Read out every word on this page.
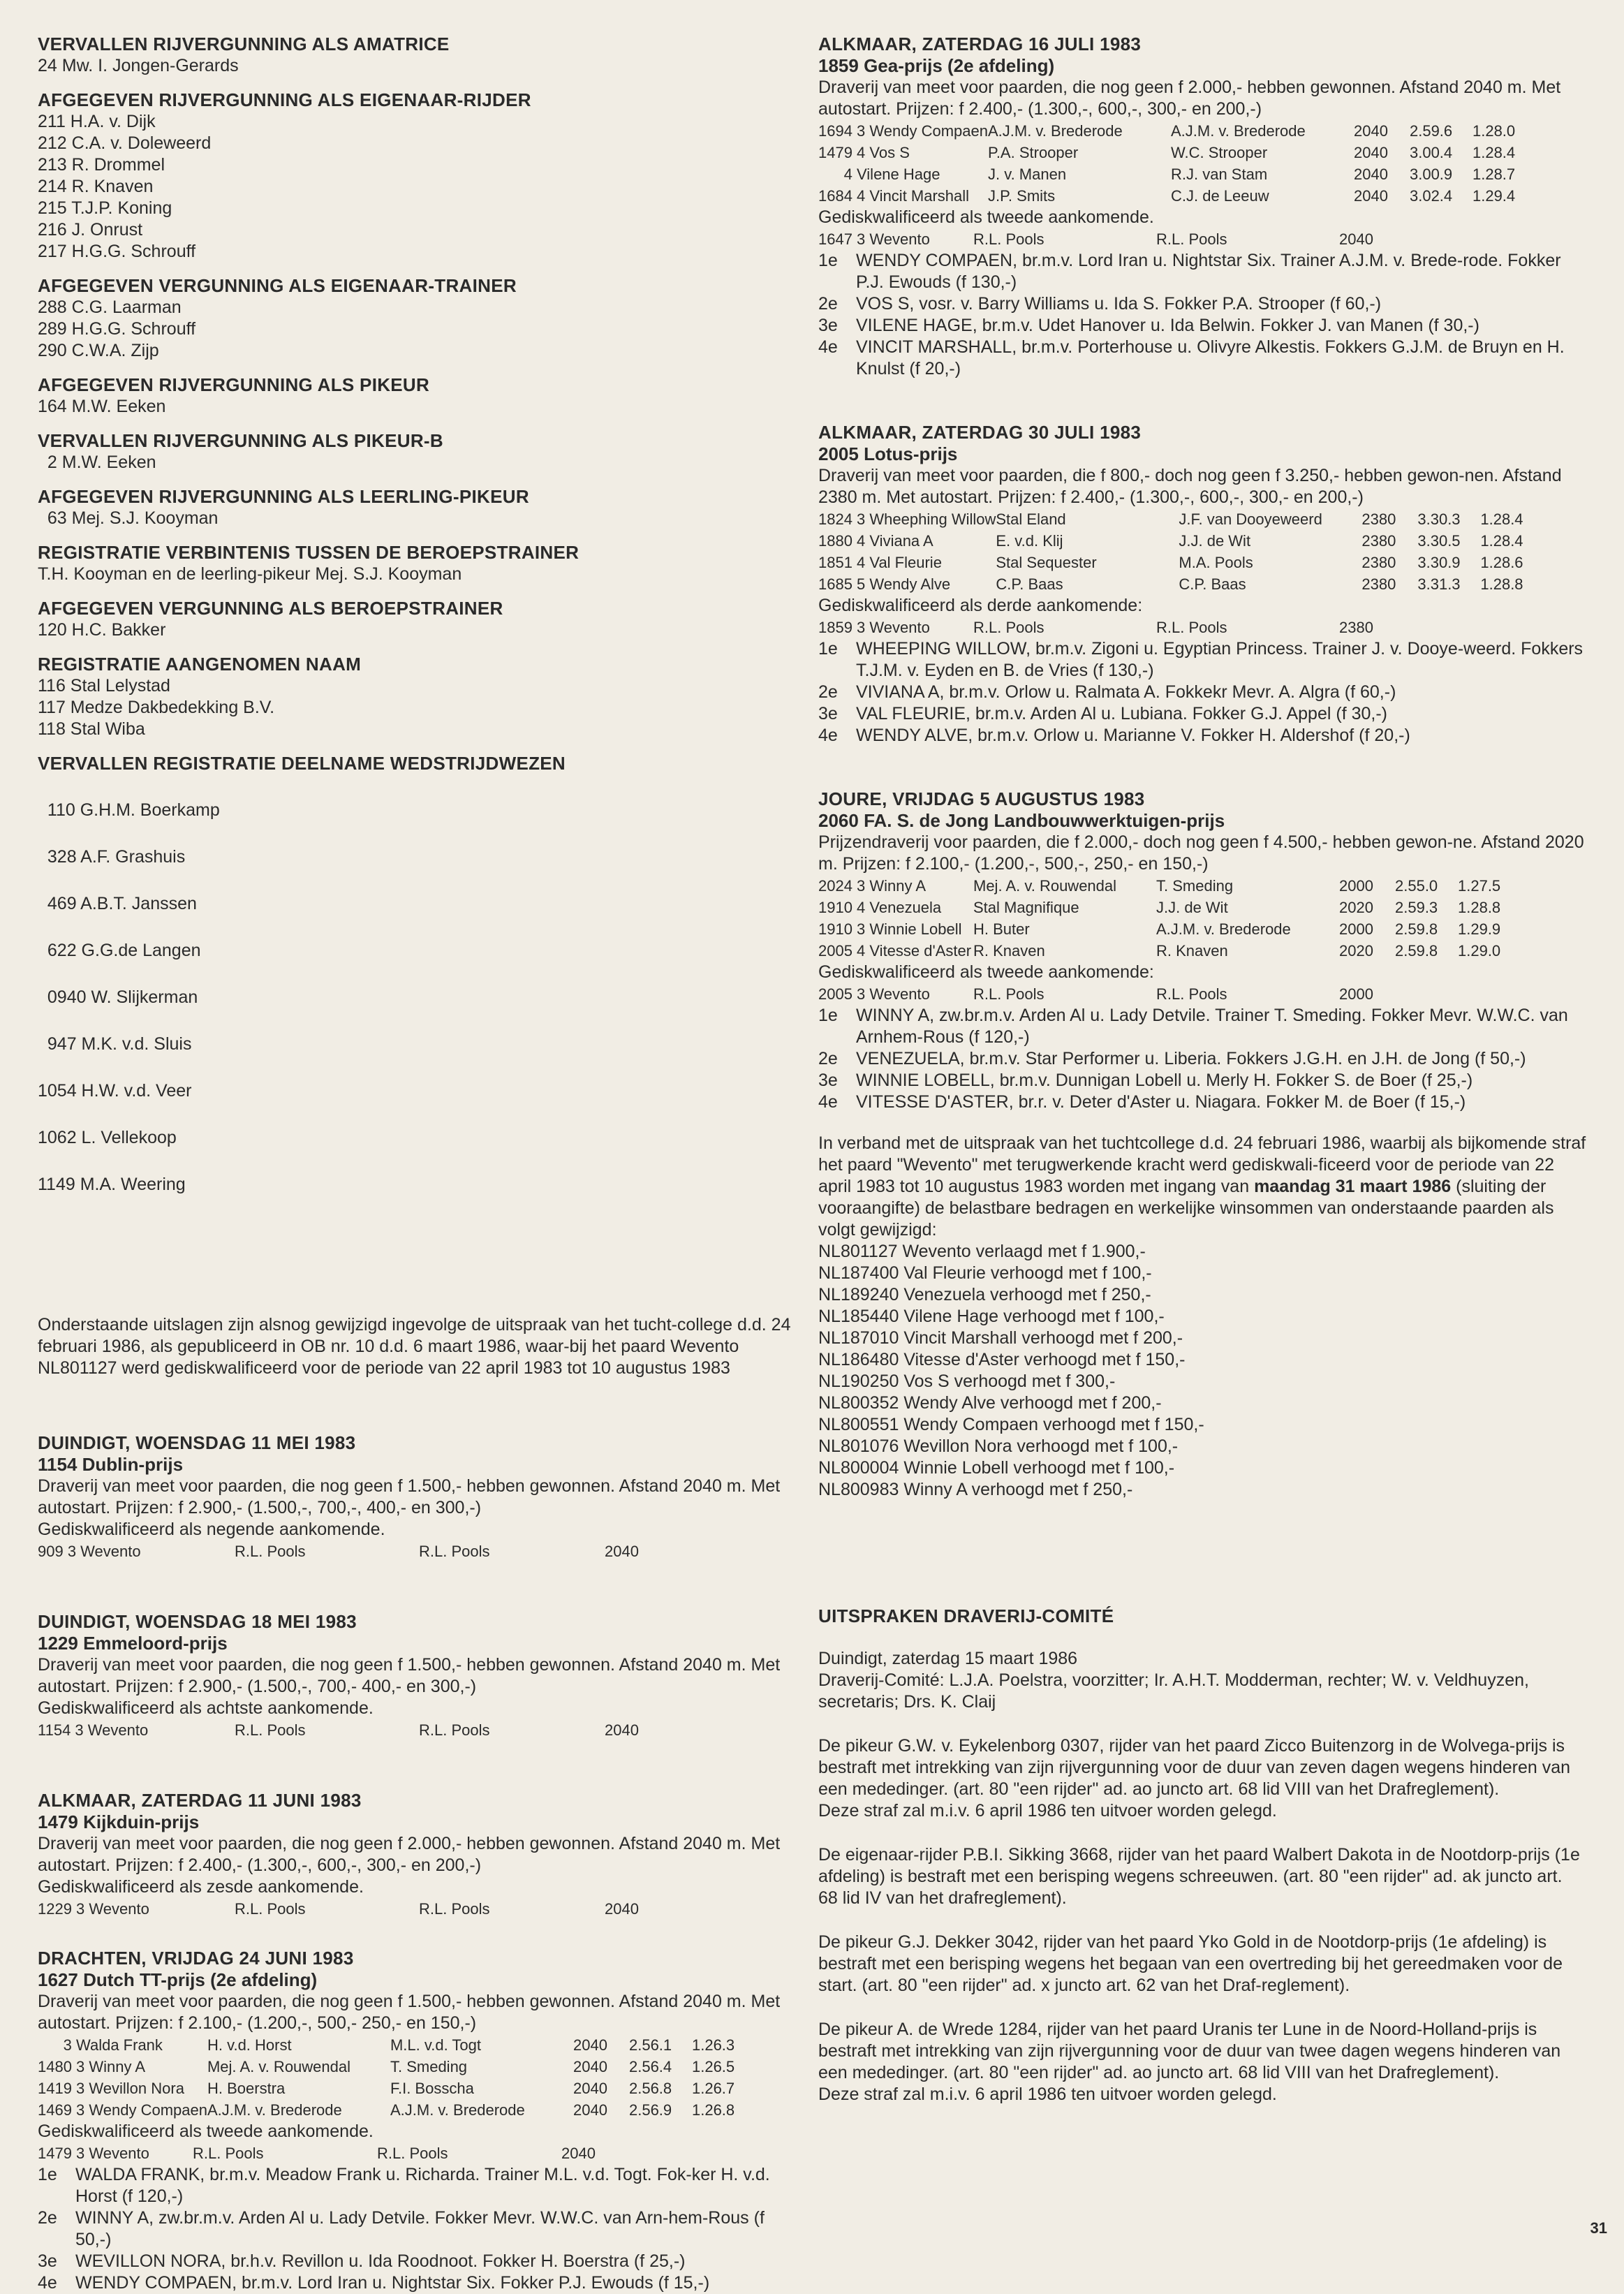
VERVALLEN RIJVERGUNNING ALS AMATRICE
24 Mw. I. Jongen-Gerards
AFGEGEVEN RIJVERGUNNING ALS EIGENAAR-RIJDER
211 H.A. v. Dijk
212 C.A. v. Doleweerd
213 R. Drommel
214 R. Knaven
215 T.J.P. Koning
216 J. Onrust
217 H.G.G. Schrouff
AFGEGEVEN VERGUNNING ALS EIGENAAR-TRAINER
288 C.G. Laarman
289 H.G.G. Schrouff
290 C.W.A. Zijp
AFGEGEVEN RIJVERGUNNING ALS PIKEUR
164 M.W. Eeken
VERVALLEN RIJVERGUNNING ALS PIKEUR-B
2 M.W. Eeken
AFGEGEVEN RIJVERGUNNING ALS LEERLING-PIKEUR
63 Mej. S.J. Kooyman
REGISTRATIE VERBINTENIS TUSSEN DE BEROEPSTRAINER
T.H. Kooyman en de leerling-pikeur Mej. S.J. Kooyman
AFGEGEVEN VERGUNNING ALS BEROEPSTRAINER
120 H.C. Bakker
REGISTRATIE AANGENOMEN NAAM
116 Stal Lelystad
117 Medze Dakbedekking B.V.
118 Stal Wiba
VERVALLEN REGISTRATIE DEELNAME WEDSTRIJDWEZEN

110 G.H.M. Boerkamp

328 A.F. Grashuis

469 A.B.T. Janssen

622 G.G.de Langen

0940 W. Slijkerman

947 M.K. v.d. Sluis

1054 H.W. v.d. Veer

1062 L. Vellekoop

1149 M.A. Weering

Onderstaande uitslagen zijn alsnog gewijzigd ingevolge de uitspraak van het tucht-college d.d. 24 februari 1986, als gepubliceerd in OB nr. 10 d.d. 6 maart 1986, waar-bij het paard Wevento NL801127 werd gediskwalificeerd voor de periode van 22 april 1983 tot 10 augustus 1983
DUINDIGT, WOENSDAG 11 MEI 1983
1154 Dublin-prijs
Draverij van meet voor paarden, die nog geen f 1.500,- hebben gewonnen. Afstand 2040 m. Met autostart. Prijzen: f 2.900,- (1.500,-, 700,-, 400,- en 300,-)
Gediskwalificeerd als negende aankomende.
909 3 Wevento	R.L. Pools	R.L. Pools	2040
DUINDIGT, WOENSDAG 18 MEI 1983
1229 Emmeloord-prijs
Draverij van meet voor paarden, die nog geen f 1.500,- hebben gewonnen. Afstand 2040 m. Met autostart. Prijzen: f 2.900,- (1.500,-, 700,- 400,- en 300,-)
Gediskwalificeerd als achtste aankomende.
1154 3 Wevento	R.L. Pools	R.L. Pools	2040
ALKMAAR, ZATERDAG 11 JUNI 1983
1479 Kijkduin-prijs
Draverij van meet voor paarden, die nog geen f 2.000,- hebben gewonnen. Afstand 2040 m. Met autostart. Prijzen: f 2.400,- (1.300,-, 600,-, 300,- en 200,-)
Gediskwalificeerd als zesde aankomende.
1229 3 Wevento	R.L. Pools	R.L. Pools	2040
DRACHTEN, VRIJDAG 24 JUNI 1983
1627 Dutch TT-prijs (2e afdeling)
Draverij van meet voor paarden, die nog geen f 1.500,- hebben gewonnen. Afstand 2040 m. Met autostart. Prijzen: f 2.100,- (1.200,-, 500,- 250,- en 150,-)
3 Walda Frank	H. v.d. Horst	M.L. v.d. Togt	2040	2.56.1	1.26.3
1480 3 Winny A	Mej. A. v. Rouwendal	T. Smeding	2040	2.56.4	1.26.5
1419 3 Wevillon Nora	H. Boerstra	F.I. Bosscha	2040	2.56.8	1.26.7
1469 3 Wendy Compaen	A.J.M. v. Brederode	A.J.M. v. Brederode	2040	2.56.9	1.26.8
Gediskwalificeerd als tweede aankomende.
1479 3 Wevento	R.L. Pools	R.L. Pools	2040
1e	WALDA FRANK, br.m.v. Meadow Frank u. Richarda. Trainer M.L. v.d. Togt. Fok-ker H. v.d. Horst (f 120,-)
2e	WINNY A, zw.br.m.v. Arden Al u. Lady Detvile. Fokker Mevr. W.W.C. van Arn-hem-Rous (f 50,-)
3e	WEVILLON NORA, br.h.v. Revillon u. Ida Roodnoot. Fokker H. Boerstra (f 25,-)
4e	WENDY COMPAEN, br.m.v. Lord Iran u. Nightstar Six. Fokker P.J. Ewouds (f 15,-)
ALKMAAR, ZATERDAG 16 JULI 1983
1859 Gea-prijs (2e afdeling)
Draverij van meet voor paarden, die nog geen f 2.000,- hebben gewonnen. Afstand 2040 m. Met autostart. Prijzen: f 2.400,- (1.300,-, 600,-, 300,- en 200,-)
1694 3 Wendy Compaen	A.J.M. v. Brederode	A.J.M. v. Brederode	2040	2.59.6	1.28.0
1479 4 Vos S	P.A. Strooper	W.C. Strooper	2040	3.00.4	1.28.4
4 Vilene Hage	J. v. Manen	R.J. van Stam	2040	3.00.9	1.28.7
1684 4 Vincit Marshall	J.P. Smits	C.J. de Leeuw	2040	3.02.4	1.29.4
Gediskwalificeerd als tweede aankomende.
1647 3 Wevento	R.L. Pools	R.L. Pools	2040		
1e	WENDY COMPAEN, br.m.v. Lord Iran u. Nightstar Six. Trainer A.J.M. v. Brede-rode. Fokker P.J. Ewouds (f 130,-)
2e	VOS S, vosr. v. Barry Williams u. Ida S. Fokker P.A. Strooper (f 60,-)
3e	VILENE HAGE, br.m.v. Udet Hanover u. Ida Belwin. Fokker J. van Manen (f 30,-)
4e	VINCIT MARSHALL, br.m.v. Porterhouse u. Olivyre Alkestis. Fokkers G.J.M. de Bruyn en H. Knulst (f 20,-)
ALKMAAR, ZATERDAG 30 JULI 1983
2005 Lotus-prijs
Draverij van meet voor paarden, die f 800,- doch nog geen f 3.250,- hebben gewon-nen. Afstand 2380 m. Met autostart. Prijzen: f 2.400,- (1.300,-, 600,-, 300,- en 200,-)
1824 3 Wheephing Willow	Stal Eland	J.F. van Dooyeweerd	2380	3.30.3	1.28.4
1880 4 Viviana A	E. v.d. Klij	J.J. de Wit	2380	3.30.5	1.28.4
1851 4 Val Fleurie	Stal Sequester	M.A. Pools	2380	3.30.9	1.28.6
1685 5 Wendy Alve	C.P. Baas	C.P. Baas	2380	3.31.3	1.28.8
Gediskwalificeerd als derde aankomende:
1859 3 Wevento	R.L. Pools	R.L. Pools	2380		
1e	WHEEPING WILLOW, br.m.v. Zigoni u. Egyptian Princess. Trainer J. v. Dooye-weerd. Fokkers T.J.M. v. Eyden en B. de Vries (f 130,-)
2e	VIVIANA A, br.m.v. Orlow u. Ralmata A. Fokkekr Mevr. A. Algra (f 60,-)
3e	VAL FLEURIE, br.m.v. Arden Al u. Lubiana. Fokker G.J. Appel (f 30,-)
4e	WENDY ALVE, br.m.v. Orlow u. Marianne V. Fokker H. Aldershof (f 20,-)
JOURE, VRIJDAG 5 AUGUSTUS 1983
2060 FA. S. de Jong Landbouwwerktuigen-prijs
Prijzendraverij voor paarden, die f 2.000,- doch nog geen f 4.500,- hebben gewon-ne. Afstand 2020 m. Prijzen: f 2.100,- (1.200,-, 500,-, 250,- en 150,-)
2024 3 Winny A	Mej. A. v. Rouwendal	T. Smeding	2000	2.55.0	1.27.5
1910 4 Venezuela	Stal Magnifique	J.J. de Wit	2020	2.59.3	1.28.8
1910 3 Winnie Lobell	H. Buter	A.J.M. v. Brederode	2000	2.59.8	1.29.9
2005 4 Vitesse d'Aster	R. Knaven	R. Knaven	2020	2.59.8	1.29.0
Gediskwalificeerd als tweede aankomende:
2005 3 Wevento	R.L. Pools	R.L. Pools	2000		
1e	WINNY A, zw.br.m.v. Arden Al u. Lady Detvile. Trainer T. Smeding. Fokker Mevr. W.W.C. van Arnhem-Rous (f 120,-)
2e	VENEZUELA, br.m.v. Star Performer u. Liberia. Fokkers J.G.H. en J.H. de Jong (f 50,-)
3e	WINNIE LOBELL, br.m.v. Dunnigan Lobell u. Merly H. Fokker S. de Boer (f 25,-)
4e	VITESSE D'ASTER, br.r. v. Deter d'Aster u. Niagara. Fokker M. de Boer (f 15,-)
In verband met de uitspraak van het tuchtcollege d.d. 24 februari 1986, waarbij als bijkomende straf het paard "Wevento" met terugwerkende kracht werd gediskwali-ficeerd voor de periode van 22 april 1983 tot 10 augustus 1983 worden met ingang van maandag 31 maart 1986 (sluiting der vooraangifte) de belastbare bedragen en werkelijke winsommen van onderstaande paarden als volgt gewijzigd:
NL801127 Wevento verlaagd met f 1.900,-
NL187400 Val Fleurie verhoogd met f 100,-
NL189240 Venezuela verhoogd met f 250,-
NL185440 Vilene Hage verhoogd met f 100,-
NL187010 Vincit Marshall verhoogd met f 200,-
NL186480 Vitesse d'Aster verhoogd met f 150,-
NL190250 Vos S verhoogd met f 300,-
NL800352 Wendy Alve verhoogd met f 200,-
NL800551 Wendy Compaen verhoogd met f 150,-
NL801076 Wevillon Nora verhoogd met f 100,-
NL800004 Winnie Lobell verhoogd met f 100,-
NL800983 Winny A verhoogd met f 250,-
UITSPRAKEN DRAVERIJ-COMITÉ
Duindigt, zaterdag 15 maart 1986
Draverij-Comité: L.J.A. Poelstra, voorzitter; Ir. A.H.T. Modderman, rechter; W. v. Veldhuyzen, secretaris; Drs. K. Claij
De pikeur G.W. v. Eykelenborg 0307, rijder van het paard Zicco Buitenzorg in de Wolvega-prijs is bestraft met intrekking van zijn rijvergunning voor de duur van zeven dagen wegens hinderen van een mededinger. (art. 80 "een rijder" ad. ao juncto art. 68 lid VIII van het Drafreglement).
Deze straf zal m.i.v. 6 april 1986 ten uitvoer worden gelegd.
De eigenaar-rijder P.B.I. Sikking 3668, rijder van het paard Walbert Dakota in de Nootdorp-prijs (1e afdeling) is bestraft met een berisping wegens schreeuwen. (art. 80 "een rijder" ad. ak juncto art. 68 lid IV van het drafreglement).
De pikeur G.J. Dekker 3042, rijder van het paard Yko Gold in de Nootdorp-prijs (1e afdeling) is bestraft met een berisping wegens het begaan van een overtreding bij het gereedmaken voor de start. (art. 80 "een rijder" ad. x juncto art. 62 van het Draf-reglement).
De pikeur A. de Wrede 1284, rijder van het paard Uranis ter Lune in de Noord-Holland-prijs is bestraft met intrekking van zijn rijvergunning voor de duur van twee dagen wegens hinderen van een mededinger. (art. 80 "een rijder" ad. ao juncto art. 68 lid VIII van het Drafreglement).
Deze straf zal m.i.v. 6 april 1986 ten uitvoer worden gelegd.
31
